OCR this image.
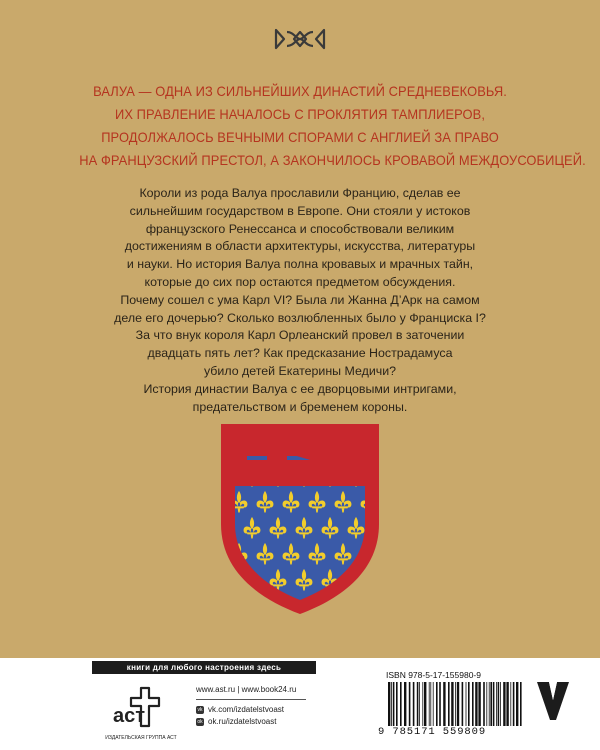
ВАЛУА — ОДНА ИЗ СИЛЬНЕЙШИХ ДИНАСТИЙ СРЕДНЕВЕКОВЬЯ.
ИХ ПРАВЛЕНИЕ НАЧАЛОСЬ С ПРОКЛЯТИЯ ТАМПЛИЕРОВ,
ПРОДОЛЖАЛОСЬ ВЕЧНЫМИ СПОРАМИ С АНГЛИЕЙ ЗА ПРАВО
НА ФРАНЦУЗСКИЙ ПРЕСТОЛ, А ЗАКОНЧИЛОСЬ КРОВАВОЙ МЕЖДОУСОБИЦЕЙ.
Короли из рода Валуа прославили Францию, сделав ее
сильнейшим государством в Европе. Они стояли у истоков
французского Ренессанса и способствовали великим
достижениям в области архитектуры, искусства, литературы
и науки. Но история Валуа полна кровавых и мрачных тайн,
которые до сих пор остаются предметом обсуждения.
Почему сошел с ума Карл VI? Была ли Жанна Д’Арк на самом
деле его дочерью? Сколько возлюбленных было у Франциска I?
За что внук короля Карл Орлеанский провел в заточении
двадцать пять лет? Как предсказание Нострадамуса
убило детей Екатерины Медичи?
История династии Валуа с ее дворцовыми интригами,
предательством и бременем короны.
книги для любого настроения здесь
аст
ИЗДАТЕЛЬСКАЯ ГРУППА АСТ
www.ast.ru | www.book24.ru
vk vk.com/izdatelstvoast
ok ok.ru/izdatelstvoast
ISBN 978-5-17-155980-9
9 785171 559809
